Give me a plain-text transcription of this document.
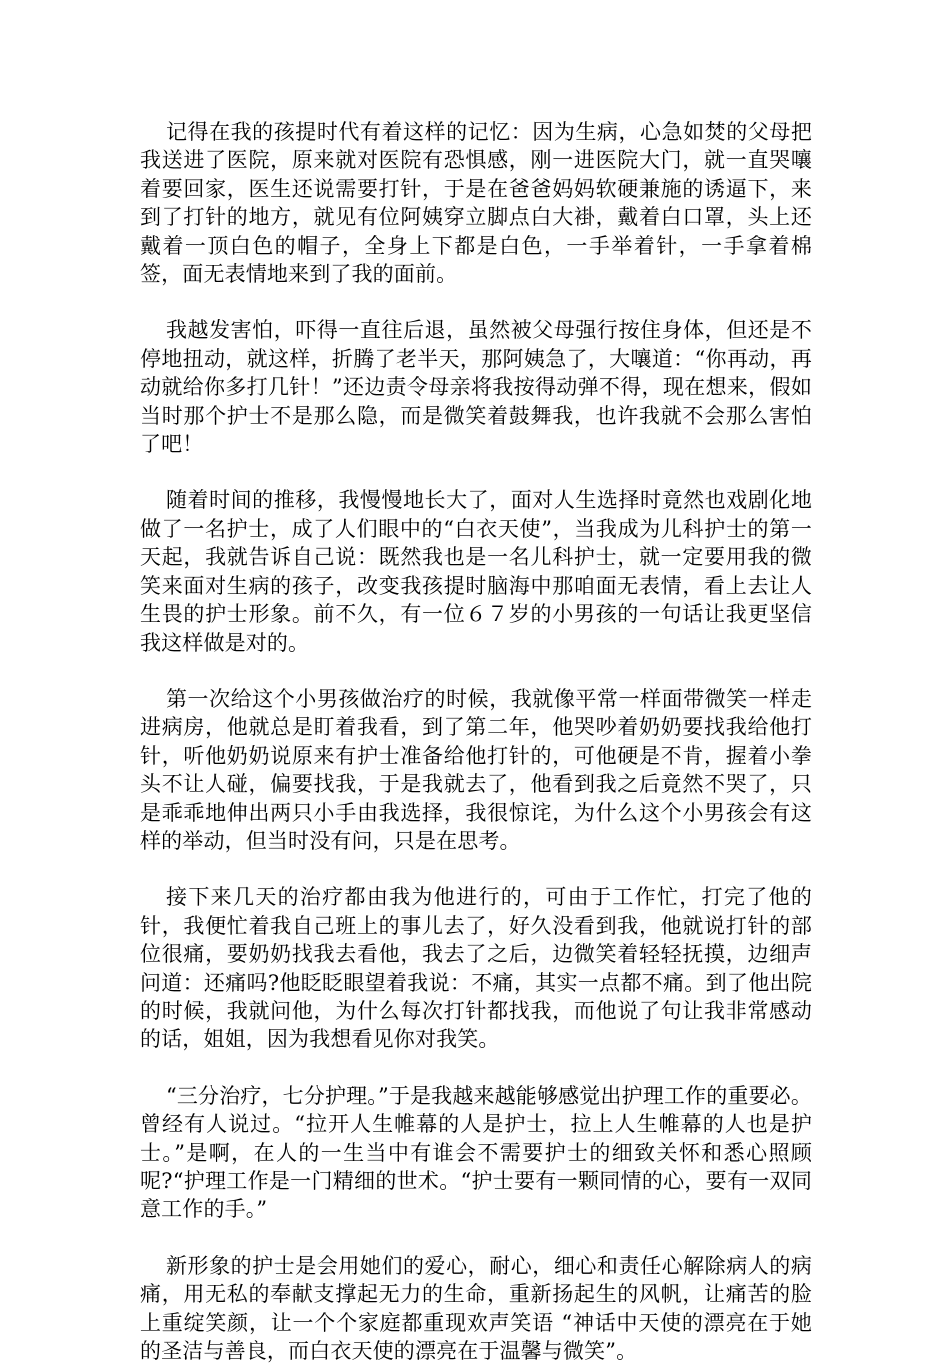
记得在我的孩提时代有着这样的记忆：因为生病，心急如焚的父母把我送进了医院，原来就对医院有恐惧感，刚一进医院大门，就一直哭嚷着要回家，医生还说需要打针，于是在爸爸妈妈软硬兼施的诱逼下，来到了打针的地方，就见有位阿姨穿立脚点白大褂，戴着白口罩，头上还戴着一顶白色的帽子，全身上下都是白色，一手举着针，一手拿着棉签，面无表情地来到了我的面前。

我越发害怕，吓得一直往后退，虽然被父母强行按住身体，但还是不停地扭动，就这样，折腾了老半天，那阿姨急了，大嚷道：“你再动，再动就给你多打几针！”还边责令母亲将我按得动弹不得，现在想来，假如当时那个护士不是那么隐，而是微笑着鼓舞我，也许我就不会那么害怕了吧！

随着时间的推移，我慢慢地长大了，面对人生选择时竟然也戏剧化地做了一名护士，成了人们眼中的“白衣天使”，当我成为儿科护士的第一天起，我就告诉自己说：既然我也是一名儿科护士，就一定要用我的微笑来面对生病的孩子，改变我孩提时脑海中那咱面无表情，看上去让人生畏的护士形象。前不久，有一位６７岁的小男孩的一句话让我更坚信我这样做是对的。

第一次给这个小男孩做治疗的时候，我就像平常一样面带微笑一样走进病房，他就总是盯着我看，到了第二年，他哭吵着奶奶要找我给他打针，听他奶奶说原来有护士准备给他打针的，可他硬是不肯，握着小拳头不让人碰，偏要找我，于是我就去了，他看到我之后竟然不哭了，只是乖乖地伸出两只小手由我选择，我很惊诧，为什么这个小男孩会有这样的举动，但当时没有问，只是在思考。

接下来几天的治疗都由我为他进行的，可由于工作忙，打完了他的针，我便忙着我自己班上的事儿去了，好久没看到我，他就说打针的部位很痛，要奶奶找我去看他，我去了之后，边微笑着轻轻抚摸，边细声问道：还痛吗?他眨眨眼望着我说：不痛，其实一点都不痛。到了他出院的时候，我就问他，为什么每次打针都找我，而他说了句让我非常感动的话，姐姐，因为我想看见你对我笑。

“三分治疗，七分护理。”于是我越来越能够感觉出护理工作的重要必。曾经有人说过。“拉开人生帷幕的人是护士，拉上人生帷幕的人也是护士。”是啊，在人的一生当中有谁会不需要护士的细致关怀和悉心照顾呢?“护理工作是一门精细的世术。“护士要有一颗同情的心，要有一双同意工作的手。”

新形象的护士是会用她们的爱心，耐心，细心和责任心解除病人的病痛，用无私的奉献支撑起无力的生命，重新扬起生的风帆，让痛苦的脸上重绽笑颜，让一个个家庭都重现欢声笑语 “神话中天使的漂亮在于她的圣洁与善良，而白衣天使的漂亮在于温馨与微笑”。
